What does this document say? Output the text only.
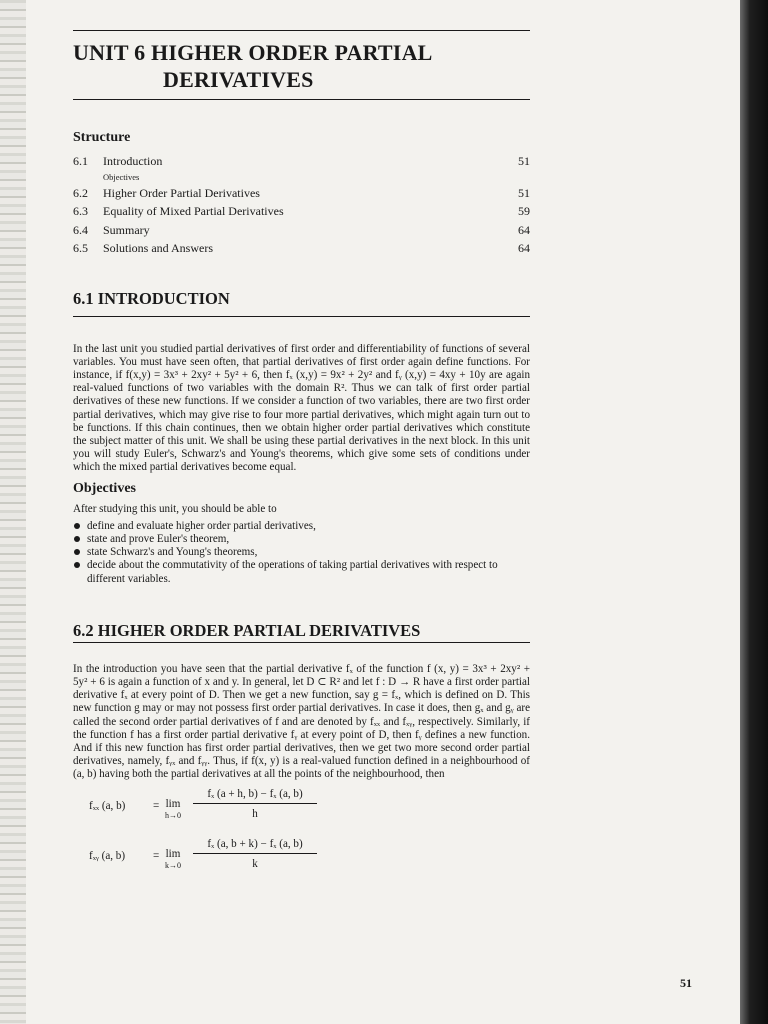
UNIT 6 HIGHER ORDER PARTIAL
DERIVATIVES
Structure
6.1	Introduction	51
Objectives
6.2	Higher Order Partial Derivatives	51
6.3	Equality of Mixed Partial Derivatives	59
6.4	Summary	64
6.5	Solutions and Answers	64
6.1 INTRODUCTION

In the last unit you studied partial derivatives of first order and differentiability of functions of several variables. You must have seen often, that partial derivatives of first order again define functions. For instance, if f(x,y) = 3x³ + 2xy² + 5y² + 6, then fₓ (x,y) = 9x² + 2y² and fᵧ (x,y) = 4xy + 10y are again real-valued functions of two variables with the domain R². Thus we can talk of first order partial derivatives of these new functions. If we consider a function of two variables, there are two first order partial derivatives, which may give rise to four more partial derivatives, which might again turn out to be functions. If this chain continues, then we obtain higher order partial derivatives which constitute the subject matter of this unit. We shall be using these partial derivatives in the next block. In this unit you will study Euler's, Schwarz's and Young's theorems, which give some sets of conditions under which the mixed partial derivatives become equal.

Objectives

After studying this unit, you should be able to

define and evaluate higher order partial derivatives,
state and prove Euler's theorem,
state Schwarz's and Young's theorems,
decide about the commutativity of the operations of taking partial derivatives with respect to different variables.
6.2 HIGHER ORDER PARTIAL DERIVATIVES

In the introduction you have seen that the partial derivative fₓ of the function f (x, y) = 3x³ + 2xy² + 5y² + 6 is again a function of x and y. In general, let D ⊂ R² and let f : D → R have a first order partial derivative fₓ at every point of D. Then we get a new function, say g = fₓ, which is defined on D. This new function g may or may not possess first order partial derivatives. In case it does, then gₓ and gᵧ are called the second order partial derivatives of f and are denoted by fₓₓ and fₓᵧ, respectively. Similarly, if the function f has a first order partial derivative fᵧ at every point of D, then fᵧ defines a new function. And if this new function has first order partial derivatives, then we get two more second order partial derivatives, namely, fᵧₓ and fᵧᵧ. Thus, if f(x, y) is a real-valued function defined in a neighbourhood of (a, b) having both the partial derivatives at all the points of the neighbourhood, then

fₓₓ (a, b) = lim
$h\to 0 \frac{\text{fₓ (a + h, b) − fₓ (a, b)}}{h}$
fₓᵧ (a, b)	= lim
$k\to 0 \frac{\text{fₓ (a, b + k) − fₓ (a, b)}}{k}$
51
